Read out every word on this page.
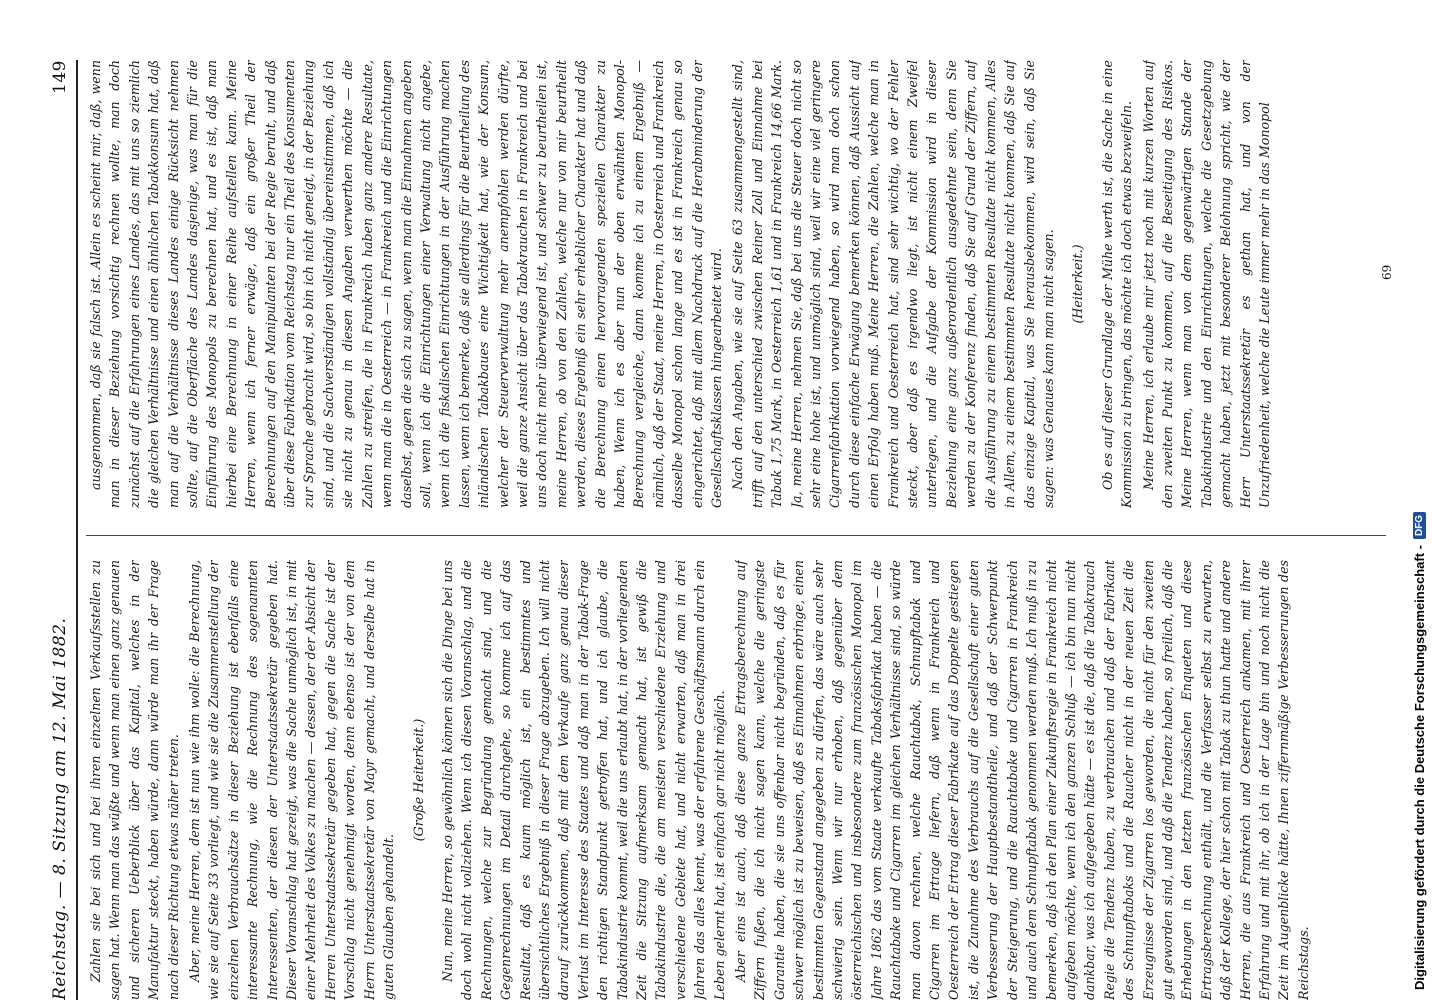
Reichstag. — 8. Sitzung am 12. Mai 1882.
149

Zahlen sie bei sich und bei ihren einzelnen Verkaufsstellen zu sagen hat. Wenn man das wüßte und wenn man einen ganz genauen und sicheren Ueberblick über das Kapital, welches in der Manufaktur steckt, haben würde, dann würde man ihr der Frage nach dieser Richtung etwas näher treten. Aber, meine Herren, dem ist nun wie ihm wolle: die Berechnung, wie sie auf Seite 33 vorliegt, und wie sie die Zusammenstellung der einzelnen Verbrauchsätze in dieser Beziehung ist ebenfalls eine interessante Rechnung, wie die Rechnung des sogenannten Interessenten, der diesen der Unterstaatssekretär gegeben hat. Dieser Voranschlag hat gezeigt, was die Sache unmöglich ist, in mit einer Mehrheit des Volkes zu machen — dessen, der der Absicht der Herren Unterstaatssekretär gegeben hat, gegen die Sache ist der Vorschlag nicht genehmigt worden, denn ebenso ist der von dem Herrn Unterstaatssekretär von Mayr gemacht, und derselbe hat in guten Glauben gehandelt.

(Große Heiterkeit.) Nun, meine Herren, so gewöhnlich können sich die Dinge bei uns doch wohl nicht vollziehen. Wenn ich diesen Voranschlag, und die Rechnungen, welche zur Begründung gemacht sind, und die Gegenrechnungen im Detail durchgehe, so komme ich auf das Resultat, daß es kaum möglich ist, ein bestimmtes und übersichtliches Ergebniß in dieser Frage abzugeben. Ich will nicht darauf zurückkommen, daß mit dem Verkaufe ganz genau dieser Verlust im Interesse des Staates und daß man in der Tabak-Frage den richtigen Standpunkt getroffen hat, und ich glaube, die Tabakindustrie kommt, weil die uns erlaubt hat, in der vorliegenden Zeit die Sitzung aufmerksam gemacht hat, ist gewiß die Tabakindustrie die, die am meisten verschiedene Erziehung und verschiedene Gebiete hat, und nicht erwarten, daß man in drei Jahren das alles kennt, was der erfahrene Geschäftsmann durch ein Leben gelernt hat, ist einfach gar nicht möglich. Aber eins ist auch, daß diese ganze Ertragsberechnung auf Ziffern fußen, die ich nicht sagen kann, welche die geringste Garantie haben, die sie uns offenbar nicht begründen, daß es für schwer möglich ist zu beweisen, daß es Einnahmen erbringe, einen bestimmten Gegenstand angegeben zu dürfen, das wäre auch sehr schwierig sein. Wenn wir nur erhoben, daß gegenüber dem österreichischen und insbesondere zum französischen Monopol im Jahre 1862 das vom Staate verkaufte Tabaksfabrikat haben — die Rauchtabake und Cigarren im gleichen Verhältnisse sind, so würde man davon rechnen, welche Rauchtabak, Schnupftabak und Cigarren im Ertrage liefern, daß wenn in Frankreich und Oesterreich der Ertrag dieser Fabrikate auf das Doppelte gestiegen ist, die Zunahme des Verbrauchs auf die Gesellschaft einer guten Verbesserung der Hauptbestandtheile, und daß der Schwerpunkt der Steigerung, und die Rauchtabake und Cigarren in Frankreich und auch dem Schnupftabak genommen werden muß. Ich muß in zu bemerken, daß ich den Plan einer Zukunftsregie in Frankreich nicht aufgeben möchte, wenn ich den ganzen Schluß — ich bin nun nicht dankbar, was ich aufgegeben hätte — es ist die, daß die Tabakrauch Regie die Tendenz haben, zu verbrauchen und daß der Fabrikant des Schnupftabaks und die Raucher nicht in der neuen Zeit die Erzeugnisse der Zigarren los geworden, die nicht für den zweiten gut geworden sind, und daß die Tendenz haben, so freilich, daß die Erhebungen in den letzten französischen Enqueten und diese Ertragsberechnung enthält, und die Verfasser selbst zu erwarten, daß der Kollege, der hier schon mit Tabak zu thun hatte und andere Herren, die aus Frankreich und Oesterreich ankamen, mit ihrer Erfahrung und mit ihr, ob ich in der Lage bin und noch nicht die Zeit im Augenblicke hätte, Ihnen ziffernmäßige Verbesserungen des Reichstags.

ausgenommen, daß sie falsch ist. Allein es scheint mir, daß, wenn man in dieser Beziehung vorsichtig rechnen wollte, man doch zunächst auf die Erfahrungen eines Landes, das mit uns so ziemlich die gleichen Verhältnisse und einen ähnlichen Tabakkonsum hat, daß man auf die Verhältnisse dieses Landes einige Rücksicht nehmen sollte, auf die Oberfläche des Landes dasjenige, was man für die Einführung des Monopols zu berechnen hat, und es ist, daß man hierbei eine Berechnung in einer Reihe aufstellen kann. Meine Herren, wenn ich ferner erwäge, daß ein großer Theil der Berechnungen auf den Manipulanten bei der Regie beruht, und daß über diese Fabrikation vom Reichstag nur ein Theil des Konsumenten zur Sprache gebracht wird, so bin ich nicht geneigt, in der Beziehung sind, und die Sachverständigen vollständig übereinstimmen, daß ich sie nicht zu genau in diesen Angaben verwerthen möchte — die Zahlen zu streifen, die in Frankreich haben ganz andere Resultate, wenn man die in Oesterreich — in Frankreich und die Einrichtungen daselbst, gegen die sich zu sagen, wenn man die Einnahmen angeben soll, wenn ich die Einrichtungen einer Verwaltung nicht angebe, wenn ich die fiskalischen Einrichtungen in der Ausführung machen lassen, wenn ich bemerke, daß sie allerdings für die Beurtheilung des inländischen Tabakbaues eine Wichtigkeit hat, wie der Konsum, welcher der Steuerverwaltung mehr anempfohlen werden dürfte, weil die ganze Ansicht über das Tabakrauchen in Frankreich und bei uns doch nicht mehr überwiegend ist, und schwer zu beurtheilen ist, meine Herren, ob von den Zahlen, welche nur von mir beurtheilt werden, dieses Ergebniß ein sehr erheblicher Charakter hat und daß die Berechnung einen hervorragenden speziellen Charakter zu haben, Wenn ich es aber nun der oben erwähnten Monopol-Berechnung vergleiche, dann komme ich zu einem Ergebniß — nämlich, daß der Staat, meine Herren, in Oesterreich und Frankreich dasselbe Monopol schon lange und es ist in Frankreich genau so eingerichtet, daß mit allem Nachdruck auf die Herabminderung der Gesellschaftsklassen hingearbeitet wird. Nach den Angaben, wie sie auf Seite 63 zusammengestellt sind, trifft auf den unterschied zwischen Reiner Zoll und Einnahme bei Tabak 1,75 Mark, in Oesterreich 1,61 und in Frankreich 14,66 Mark. Ja, meine Herren, nehmen Sie, daß bei uns die Steuer doch nicht so sehr eine hohe ist, und unmöglich sind, weil wir eine viel geringere Cigarrenfabrikation vorwiegend haben, so wird man doch schon durch diese einfache Erwägung bemerken können, daß Aussicht auf einen Erfolg haben muß. Meine Herren, die Zahlen, welche man in Frankreich und Oesterreich hat, sind sehr wichtig, wo der Fehler steckt, aber daß es irgendwo liegt, ist nicht einem Zweifel unterlegen, und die Aufgabe der Kommission wird in dieser Beziehung eine ganz außerordentlich ausgedehnte sein, denn Sie werden zu der Konferenz finden, daß Sie auf Grund der Ziffern, auf die Ausführung zu einem bestimmten Resultate nicht kommen, Alles in Allem, zu einem bestimmten Resultate nicht kommen, daß Sie auf das einzige Kapital, was Sie herausbekommen, wird sein, daß Sie sagen: was Genaues kann man nicht sagen. (Heiterkeit.) Ob es auf dieser Grundlage der Mühe werth ist, die Sache in eine Kommission zu bringen, das möchte ich doch etwas bezweifeln. Meine Herren, ich erlaube mir jetzt noch mit kurzen Worten auf den zweiten Punkt zu kommen, auf die Beseitigung des Risikos. Meine Herren, wenn man von dem gegenwärtigen Stande der Tabakindustrie und den Einrichtungen, welche die Gesetzgebung gemacht haben, jetzt mit besonderer Belohnung spricht, wie der Herr Unterstaatssekretär es gethan hat, und von der Unzufriedenheit, welche die Leute immer mehr in das Monopol	69
Digitalisierung gefördert durch die Deutsche Forschungsgemeinschaft -
DFG
